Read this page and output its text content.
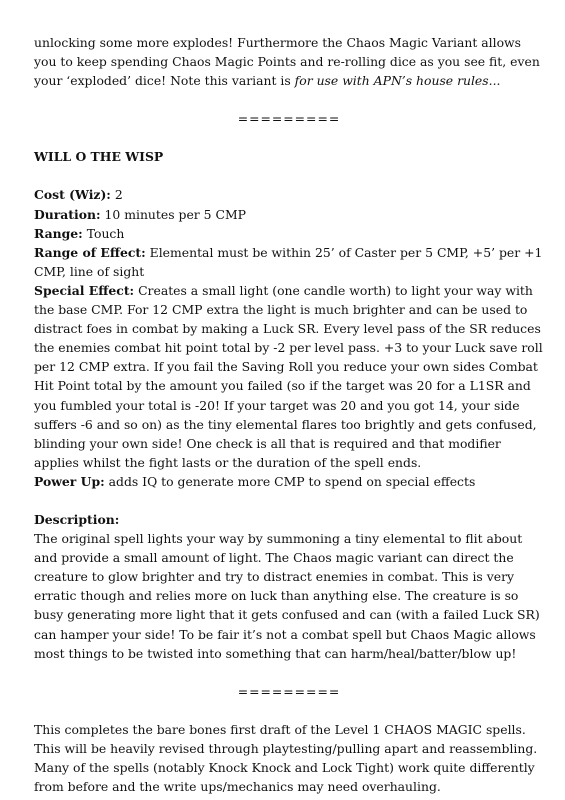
unlocking some more explodes! Furthermore the Chaos Magic Variant allows you to keep spending Chaos Magic Points and re-rolling dice as you see fit, even your ‘exploded’ dice! Note this variant is for use with APN’s house rules...

=========

WILL O THE WISP

Cost (Wiz): 2

Duration: 10 minutes per 5 CMP

Range: Touch

Range of Effect: Elemental must be within 25’ of Caster per 5 CMP, +5’ per +1 CMP, line of sight

Special Effect: Creates a small light (one candle worth) to light your way with the base CMP. For 12 CMP extra the light is much brighter and can be used to distract foes in combat by making a Luck SR. Every level pass of the SR reduces the enemies combat hit point total by -2 per level pass. +3 to your Luck save roll per 12 CMP extra. If you fail the Saving Roll you reduce your own sides Combat Hit Point total by the amount you failed (so if the target was 20 for a L1SR and you fumbled your total is -20! If your target was 20 and you got 14, your side suffers -6 and so on) as the tiny elemental flares too brightly and gets confused, blinding your own side! One check is all that is required and that modifier applies whilst the fight lasts or the duration of the spell ends.

Power Up: adds IQ to generate more CMP to spend on special effects

Description:

The original spell lights your way by summoning a tiny elemental to flit about and provide a small amount of light. The Chaos magic variant can direct the creature to glow brighter and try to distract enemies in combat. This is very erratic though and relies more on luck than anything else. The creature is so busy generating more light that it gets confused and can (with a failed Luck SR) can hamper your side! To be fair it’s not a combat spell but Chaos Magic allows most things to be twisted into something that can harm/heal/batter/blow up!

=========

This completes the bare bones first draft of the Level 1 CHAOS MAGIC spells. This will be heavily revised through playtesting/pulling apart and reassembling. Many of the spells (notably Knock Knock and Lock Tight) work quite differently from before and the write ups/mechanics may need overhauling.
